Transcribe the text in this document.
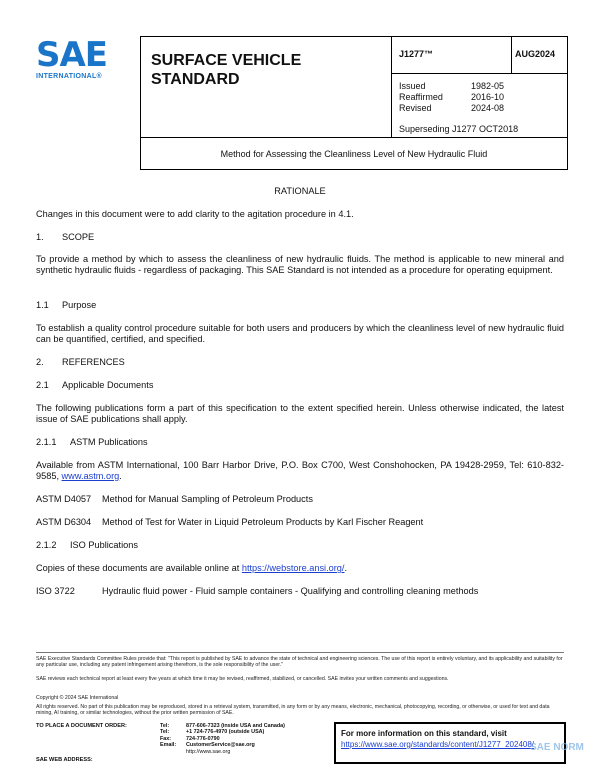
SAE
INTERNATIONAL®
SURFACE VEHICLE
STANDARD
J1277™	AUG2024
Issued	1982-05
Reaffirmed	2016-10
Revised	2024-08
Superseding J1277 OCT2018
Method for Assessing the Cleanliness Level of New Hydraulic Fluid
RATIONALE
Changes in this document were to add clarity to the agitation procedure in 4.1.
1. SCOPE
To provide a method by which to assess the cleanliness of new hydraulic fluids. The method is applicable to new mineral and synthetic hydraulic fluids - regardless of packaging. This SAE Standard is not intended as a procedure for operating equipment.
1.1 Purpose
To establish a quality control procedure suitable for both users and producers by which the cleanliness level of new hydraulic fluid can be quantified, certified, and specified.
2. REFERENCES
2.1 Applicable Documents
The following publications form a part of this specification to the extent specified herein. Unless otherwise indicated, the latest issue of SAE publications shall apply.
2.1.1 ASTM Publications
Available from ASTM International, 100 Barr Harbor Drive, P.O. Box C700, West Conshohocken, PA 19428-2959, Tel: 610-832-9585, www.astm.org.
ASTM D4057 Method for Manual Sampling of Petroleum Products
ASTM D6304 Method of Test for Water in Liquid Petroleum Products by Karl Fischer Reagent
2.1.2 ISO Publications
Copies of these documents are available online at https://webstore.ansi.org/.
ISO 3722	Hydraulic fluid power - Fluid sample containers - Qualifying and controlling cleaning methods
SAE Executive Standards Committee Rules provide that: "This report is published by SAE to advance the state of technical and engineering sciences. The use of this report is entirely voluntary, and its applicability and suitability for any particular use, including any patent infringement arising therefrom, is the sole responsibility of the user."
SAE reviews each technical report at least every five years at which time it may be revised, reaffirmed, stabilized, or cancelled. SAE invites your written comments and suggestions.
Copyright © 2024 SAE International
All rights reserved. No part of this publication may be reproduced, stored in a retrieval system, transmitted, in any form or by any means, electronic, mechanical, photocopying, recording, or otherwise, or used for text and data mining, AI training, or similar technologies, without the prior written permission of SAE.
TO PLACE A DOCUMENT ORDER:
SAE WEB ADDRESS:
Tel:	877-606-7323 (inside USA and Canada)
Tel:	+1 724-776-4970 (outside USA)
Fax:	724-776-0790
Email:	CustomerService@sae.org
http://www.sae.org
For more information on this standard, visit
https://www.sae.org/standards/content/J1277_202408/
SAE NORM
